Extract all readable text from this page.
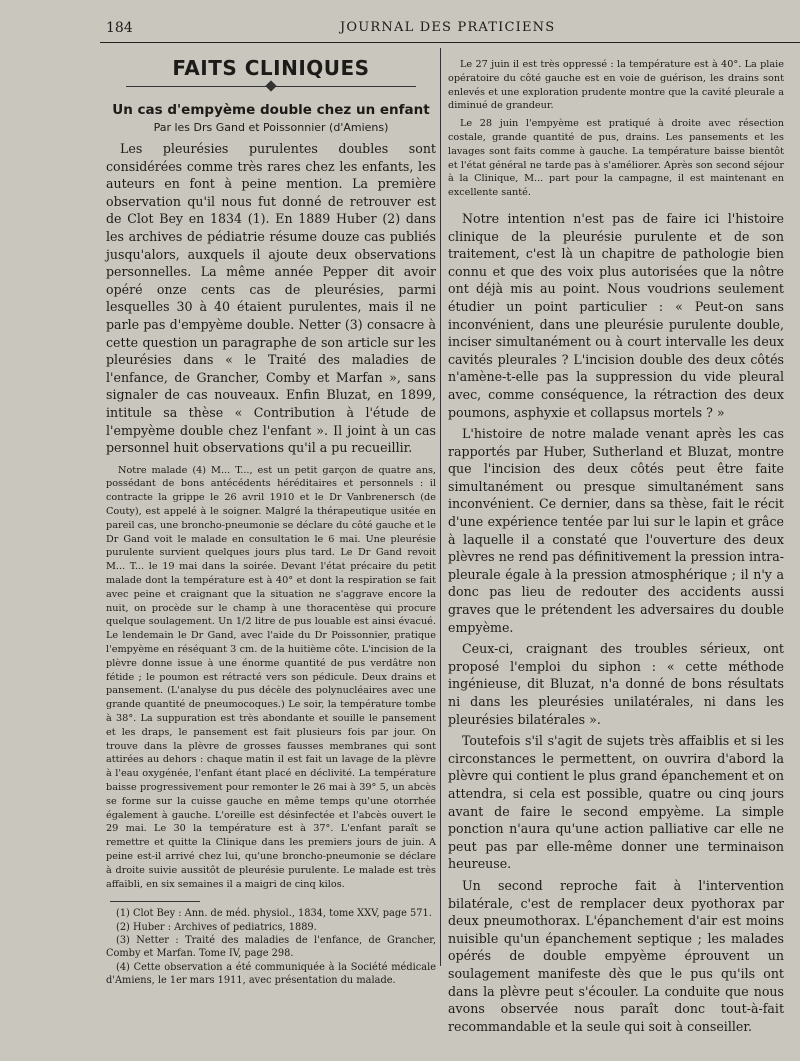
184	JOURNAL DES PRATICIENS
FAITS CLINIQUES
Un cas d'empyème double chez un enfant
Par les Drs Gand et Poissonnier (d'Amiens)

Les pleurésies purulentes doubles sont considérées comme très rares chez les enfants, les auteurs en font à peine mention. La première observation qu'il nous fut donné de retrouver est de Clot Bey en 1834 (1). En 1889 Huber (2) dans les archives de pédiatrie résume douze cas publiés jusqu'alors, auxquels il ajoute deux observations personnelles. La même année Pepper dit avoir opéré onze cents cas de pleurésies, parmi lesquelles 30 à 40 étaient purulentes, mais il ne parle pas d'empyème double. Netter (3) consacre à cette question un paragraphe de son article sur les pleurésies dans « le Traité des maladies de l'enfance, de Grancher, Comby et Marfan », sans signaler de cas nouveaux. Enfin Bluzat, en 1899, intitule sa thèse « Contribution à l'étude de l'empyème double chez l'enfant ». Il joint à un cas personnel huit observations qu'il a pu recueillir.

Notre malade (4) M... T..., est un petit garçon de quatre ans, possédant de bons antécédents héréditaires et personnels : il contracte la grippe le 26 avril 1910 et le Dr Vanbrenersch (de Couty), est appelé à le soigner. Malgré la thérapeutique usitée en pareil cas, une broncho-pneumonie se déclare du côté gauche et le Dr Gand voit le malade en consultation le 6 mai. Une pleurésie purulente survient quelques jours plus tard. Le Dr Gand revoit M... T... le 19 mai dans la soirée. Devant l'état précaire du petit malade dont la température est à 40° et dont la respiration se fait avec peine et craignant que la situation ne s'aggrave encore la nuit, on procède sur le champ à une thoracentèse qui procure quelque soulagement. Un 1/2 litre de pus louable est ainsi évacué. Le lendemain le Dr Gand, avec l'aide du Dr Poissonnier, pratique l'empyème en réséquant 3 cm. de la huitième côte. L'incision de la plèvre donne issue à une énorme quantité de pus verdâtre non fétide ; le poumon est rétracté vers son pédicule. Deux drains et pansement. (L'analyse du pus décèle des polynucléaires avec une grande quantité de pneumocoques.) Le soir, la température tombe à 38°. La suppuration est très abondante et souille le pansement et les draps, le pansement est fait plusieurs fois par jour. On trouve dans la plèvre de grosses fausses membranes qui sont attirées au dehors : chaque matin il est fait un lavage de la plèvre à l'eau oxygénée, l'enfant étant placé en déclivité. La température baisse progressivement pour remonter le 26 mai à 39° 5, un abcès se forme sur la cuisse gauche en même temps qu'une otorrhée également à gauche. L'oreille est désinfectée et l'abcès ouvert le 29 mai. Le 30 la température est à 37°. L'enfant paraît se remettre et quitte la Clinique dans les premiers jours de juin. A peine est-il arrivé chez lui, qu'une broncho-pneumonie se déclare à droite suivie aussitôt de pleurésie purulente. Le malade est très affaibli, en six semaines il a maigri de cinq kilos.

(1) Clot Bey : Ann. de méd. physiol., 1834, tome XXV, page 571.

(2) Huber : Archives of pediatrics, 1889.

(3) Netter : Traité des maladies de l'enfance, de Grancher, Comby et Marfan. Tome IV, page 298.

(4) Cette observation a été communiquée à la Société médicale d'Amiens, le 1er mars 1911, avec présentation du malade.

Le 27 juin il est très oppressé : la température est à 40°. La plaie opératoire du côté gauche est en voie de guérison, les drains sont enlevés et une exploration prudente montre que la cavité pleurale a diminué de grandeur.

Le 28 juin l'empyème est pratiqué à droite avec résection costale, grande quantité de pus, drains. Les pansements et les lavages sont faits comme à gauche. La température baisse bientôt et l'état général ne tarde pas à s'améliorer. Après son second séjour à la Clinique, M... part pour la campagne, il est maintenant en excellente santé.

Notre intention n'est pas de faire ici l'histoire clinique de la pleurésie purulente et de son traitement, c'est là un chapitre de pathologie bien connu et que des voix plus autorisées que la nôtre ont déjà mis au point. Nous voudrions seulement étudier un point particulier : « Peut-on sans inconvénient, dans une pleurésie purulente double, inciser simultanément ou à court intervalle les deux cavités pleurales ? L'incision double des deux côtés n'amène-t-elle pas la suppression du vide pleural avec, comme conséquence, la rétraction des deux poumons, asphyxie et collapsus mortels ? »

L'histoire de notre malade venant après les cas rapportés par Huber, Sutherland et Bluzat, montre que l'incision des deux côtés peut être faite simultanément ou presque simultanément sans inconvénient. Ce dernier, dans sa thèse, fait le récit d'une expérience tentée par lui sur le lapin et grâce à laquelle il a constaté que l'ouverture des deux plèvres ne rend pas définitivement la pression intra-pleurale égale à la pression atmosphérique ; il n'y a donc pas lieu de redouter des accidents aussi graves que le prétendent les adversaires du double empyème.

Ceux-ci, craignant des troubles sérieux, ont proposé l'emploi du siphon : « cette méthode ingénieuse, dit Bluzat, n'a donné de bons résultats ni dans les pleurésies unilatérales, ni dans les pleurésies bilatérales ».

Toutefois s'il s'agit de sujets très affaiblis et si les circonstances le permettent, on ouvrira d'abord la plèvre qui contient le plus grand épanchement et on attendra, si cela est possible, quatre ou cinq jours avant de faire le second empyème. La simple ponction n'aura qu'une action palliative car elle ne peut pas par elle-même donner une terminaison heureuse.

Un second reproche fait à l'intervention bilatérale, c'est de remplacer deux pyothorax par deux pneumothorax. L'épanchement d'air est moins nuisible qu'un épanchement septique ; les malades opérés de double empyème éprouvent un soulagement manifeste dès que le pus qu'ils ont dans la plèvre peut s'écouler. La conduite que nous avons observée nous paraît donc tout-à-fait recommandable et la seule qui soit à conseiller.
